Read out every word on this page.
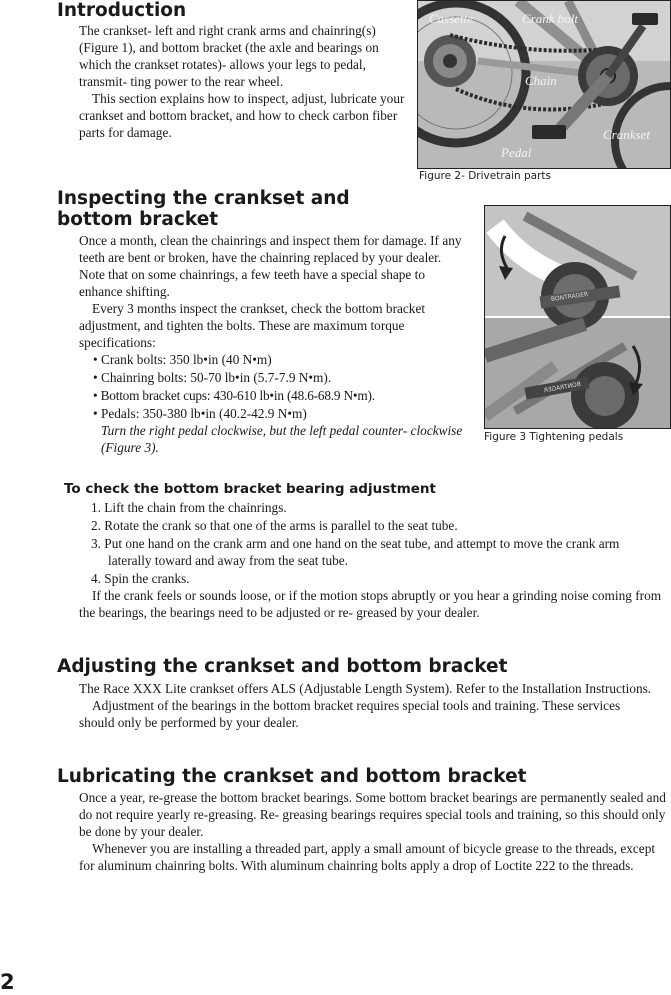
Introduction

The crankset- left and right crank arms and chainring(s) (Figure 1), and bottom bracket (the axle and bearings on which the crankset rotates)- allows your legs to pedal, transmit- ting power to the rear wheel.

This section explains how to inspect, adjust, lubricate your crankset and bottom bracket, and how to check carbon fiber parts for damage.

Cassette	Crank bolt
Chain
Crankset
Pedal
Figure 2- Drivetrain parts
Inspecting the crankset and
bottom bracket

Once a month, clean the chainrings and inspect them for damage. If any teeth are bent or broken, have the chainring replaced by your dealer. Note that on some chainrings, a few teeth have a special shape to enhance shifting.

Every 3 months inspect the crankset, check the bottom bracket adjustment, and tighten the bolts. These are maximum torque specifications:

• Crank bolts: 350 lb•in (40 N•m)
• Chainring bolts: 50-70 lb•in (5.7-7.9 N•m).
• Bottom bracket cups: 430-610 lb•in (48.6-68.9 N•m).
• Pedals: 350-380 lb•in (40.2-42.9 N•m)

Turn the right pedal clockwise, but the left pedal counter- clockwise (Figure 3).

BONTRAGER
BONTRAGER
Figure 3 Tightening pedals
To check the bottom bracket bearing adjustment
1. Lift the chain from the chainrings.
2. Rotate the crank so that one of the arms is parallel to the seat tube.
3. Put one hand on the crank arm and one hand on the seat tube, and attempt to move the crank arm laterally toward and away from the seat tube.
4. Spin the cranks.

If the crank feels or sounds loose, or if the motion stops abruptly or you hear a grinding noise coming from the bearings, the bearings need to be adjusted or re- greased by your dealer.

Adjusting the crankset and bottom bracket

The Race XXX Lite crankset offers ALS (Adjustable Length System). Refer to the Installation Instructions.

Adjustment of the bearings in the bottom bracket requires special tools and training. These services should only be performed by your dealer.

Lubricating the crankset and bottom bracket

Once a year, re-grease the bottom bracket bearings. Some bottom bracket bearings are permanently sealed and do not require yearly re-greasing. Re- greasing bearings requires special tools and training, so this should only be done by your dealer.

Whenever you are installing a threaded part, apply a small amount of bicycle grease to the threads, except for aluminum chainring bolts. With aluminum chainring bolts apply a drop of Loctite 222 to the threads.

2
